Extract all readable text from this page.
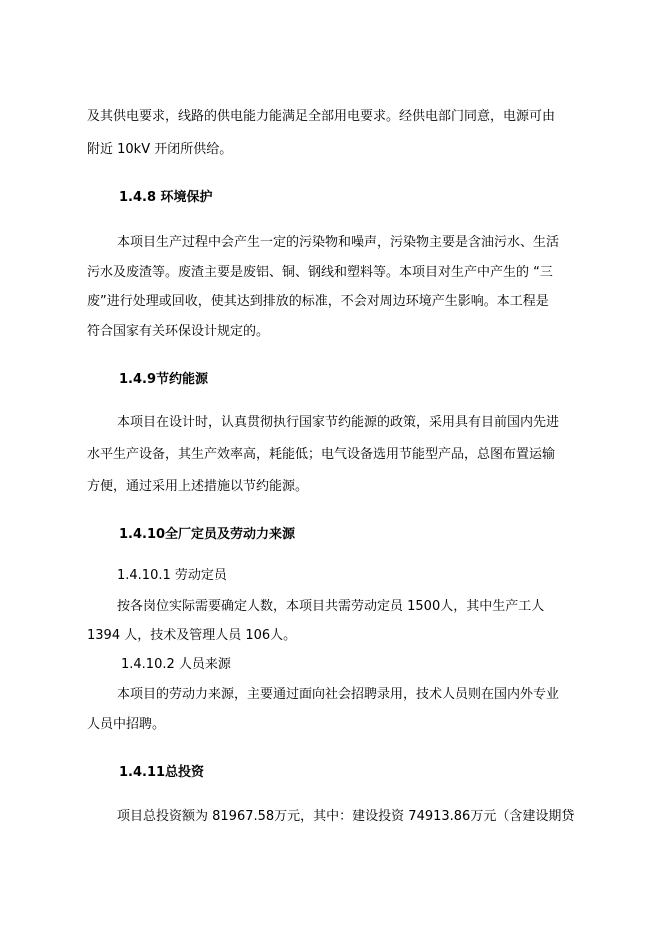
及其供电要求，线路的供电能力能满足全部用电要求。经供电部门同意，电源可由
附近 10kV 开闭所供给。
1.4.8 环境保护
本项目生产过程中会产生一定的污染物和噪声，污染物主要是含油污水、生活
污水及废渣等。废渣主要是废铝、铜、钢线和塑料等。本项目对生产中产生的 “三
废”进行处理或回收，使其达到排放的标准，不会对周边环境产生影响。本工程是
符合国家有关环保设计规定的。
1.4.9节约能源
本项目在设计时，认真贯彻执行国家节约能源的政策，采用具有目前国内先进
水平生产设备，其生产效率高，耗能低；电气设备选用节能型产品，总图布置运输
方便，通过采用上述措施以节约能源。
1.4.10全厂定员及劳动力来源
1.4.10.1 劳动定员
按各岗位实际需要确定人数，本项目共需劳动定员 1500人，其中生产工人
1394 人，技术及管理人员 106人。
1.4.10.2 人员来源
本项目的劳动力来源，主要通过面向社会招聘录用，技术人员则在国内外专业
人员中招聘。
1.4.11总投资
项目总投资额为 81967.58万元，其中：建设投资 74913.86万元（含建设期贷
